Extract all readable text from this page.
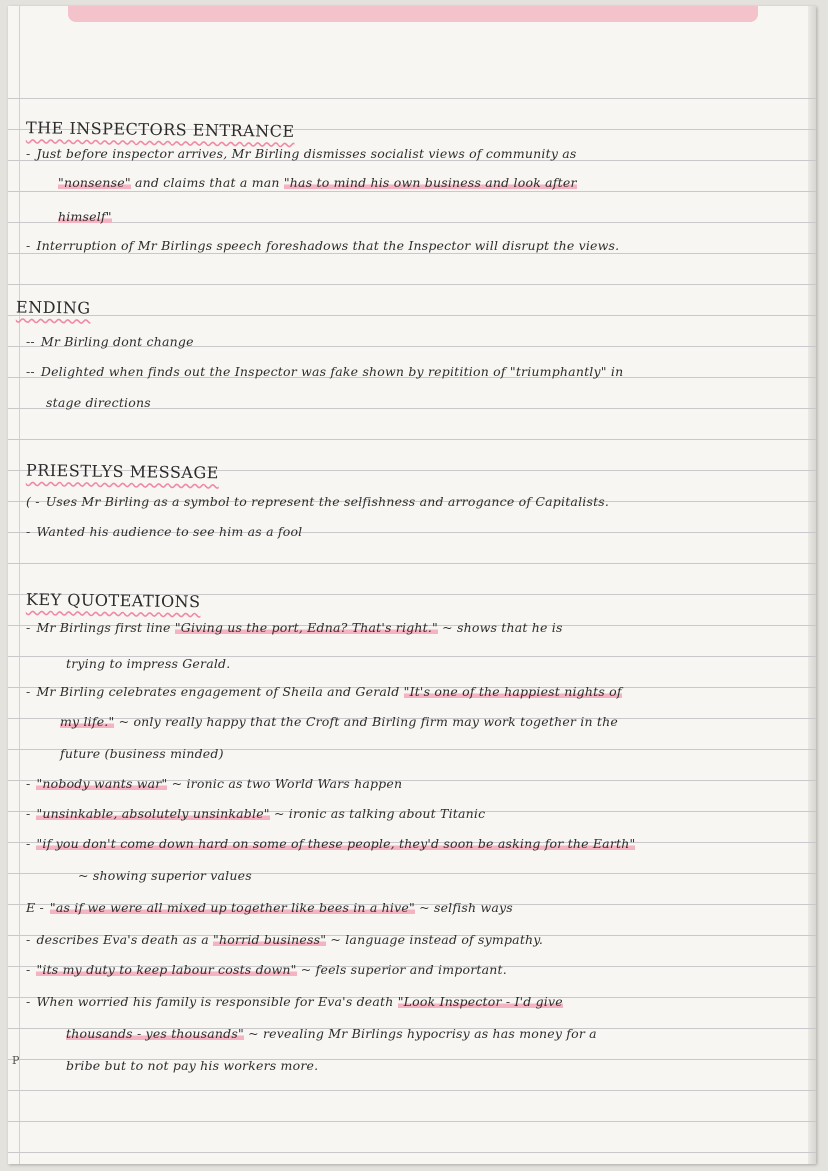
THE INSPECTORS ENTRANCE
- Just before inspector arrives, Mr Birling dismisses socialist views of community as
"nonsense" and claims that a man "has to mind his own business and look after
himself"
- Interruption of Mr Birlings speech foreshadows that the Inspector will disrupt the views.
ENDING
-- Mr Birling dont change
-- Delighted when finds out the Inspector was fake shown by repitition of "triumphantly" in
stage directions
PRIESTLYS MESSAGE
( - Uses Mr Birling as a symbol to represent the selfishness and arrogance of Capitalists.
- Wanted his audience to see him as a fool
KEY QUOTEATIONS
- Mr Birlings first line "Giving us the port, Edna? That's right." ~ shows that he is
trying to impress Gerald.
- Mr Birling celebrates engagement of Sheila and Gerald "It's one of the happiest nights of
my life." ~ only really happy that the Croft and Birling firm may work together in the
future (business minded)
- "nobody wants war" ~ ironic as two World Wars happen
- "unsinkable, absolutely unsinkable" ~ ironic as talking about Titanic
- "if you don't come down hard on some of these people, they'd soon be asking for the Earth"
~ showing superior values
E - "as if we were all mixed up together like bees in a hive" ~ selfish ways
- describes Eva's death as a "horrid business" ~ language instead of sympathy.
- "its my duty to keep labour costs down" ~ feels superior and important.
- When worried his family is responsible for Eva's death "Look Inspector - I'd give
thousands - yes thousands" ~ revealing Mr Birlings hypocrisy as has money for a
bribe but to not pay his workers more.
P
